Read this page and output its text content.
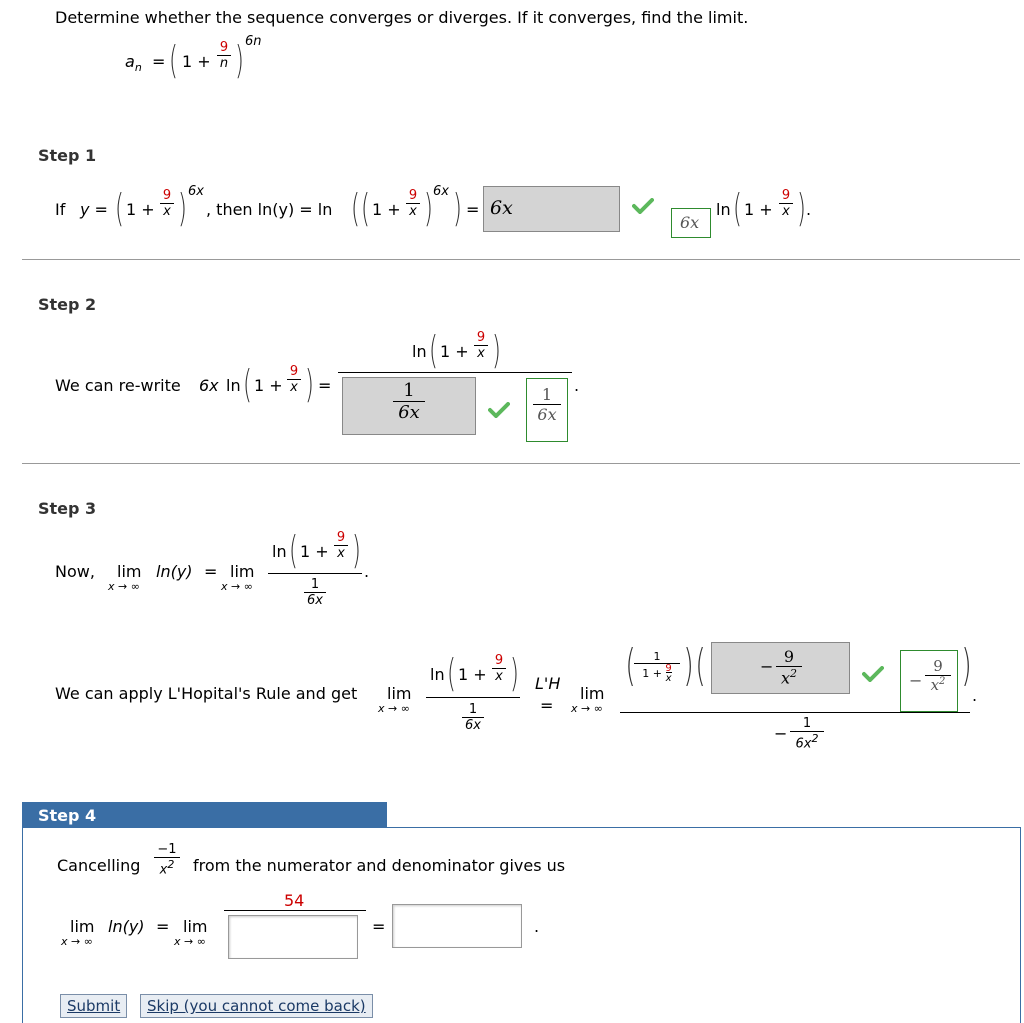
Determine whether the sequence converges or diverges. If it converges, find the limit.
$a_n$ = ( $1 + \frac{9}{n}$ ) 6n
Step 1
If y = ( $1 + \frac{9}{x}$ ) 6x
, then ln(y) = ln ( ( $1 + \frac{9}{x}$ ) 6x ) = 6x
6x
ln ( $1 + \frac{9}{x}$ ) .
Step 2
We can re-write 6x ln ( $1 + \frac{9}{x}$ ) =
ln ( $1 + \frac{9}{x}$ )
$\frac{1}{6x}$	$\frac{1}{6x}$ .
Step 3
Now, lim
x → ∞
ln(y) = lim
x → ∞
ln ( $1 + \frac{9}{x}$ )
$\frac{1}{6x}$
.
We can apply L'Hopital's Rule and get lim
x → ∞
ln ( $1 + \frac{9}{x}$ )
$\frac{1}{6x}$
L'H
=
lim
x → ∞
(	1
$1 + \frac{9}{x}$ ) (	− $\frac{9}{x^2}$	− $\frac{9}{x^2}$ )
.
− $\frac{1}{6x^2}$
Step 4
Cancelling $\frac{-1}{x^2}$ from the numerator and denominator gives us
lim
x → ∞
ln(y) = lim
x → ∞
54
=	.
Submit	Skip (you cannot come back)
